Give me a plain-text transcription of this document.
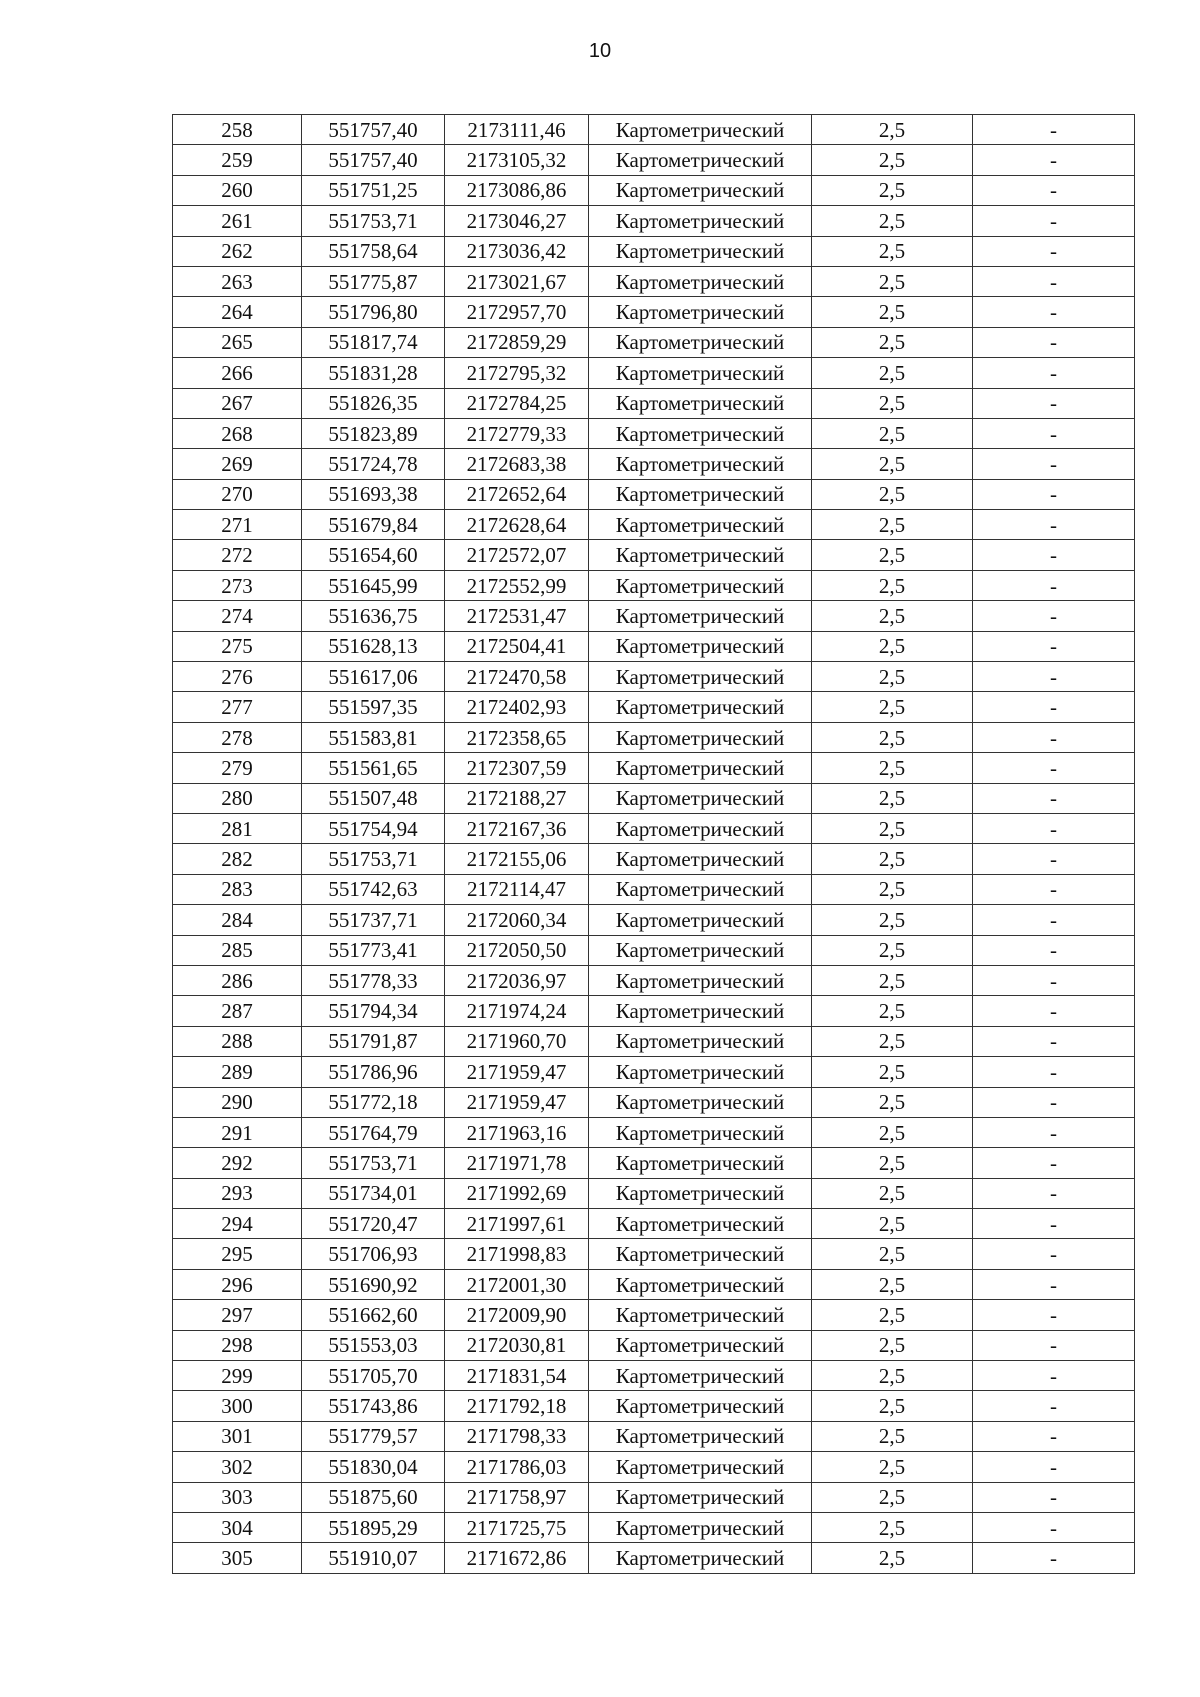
10
258	551757,40	2173111,46	Картометрический	2,5	-
259	551757,40	2173105,32	Картометрический	2,5	-
260	551751,25	2173086,86	Картометрический	2,5	-
261	551753,71	2173046,27	Картометрический	2,5	-
262	551758,64	2173036,42	Картометрический	2,5	-
263	551775,87	2173021,67	Картометрический	2,5	-
264	551796,80	2172957,70	Картометрический	2,5	-
265	551817,74	2172859,29	Картометрический	2,5	-
266	551831,28	2172795,32	Картометрический	2,5	-
267	551826,35	2172784,25	Картометрический	2,5	-
268	551823,89	2172779,33	Картометрический	2,5	-
269	551724,78	2172683,38	Картометрический	2,5	-
270	551693,38	2172652,64	Картометрический	2,5	-
271	551679,84	2172628,64	Картометрический	2,5	-
272	551654,60	2172572,07	Картометрический	2,5	-
273	551645,99	2172552,99	Картометрический	2,5	-
274	551636,75	2172531,47	Картометрический	2,5	-
275	551628,13	2172504,41	Картометрический	2,5	-
276	551617,06	2172470,58	Картометрический	2,5	-
277	551597,35	2172402,93	Картометрический	2,5	-
278	551583,81	2172358,65	Картометрический	2,5	-
279	551561,65	2172307,59	Картометрический	2,5	-
280	551507,48	2172188,27	Картометрический	2,5	-
281	551754,94	2172167,36	Картометрический	2,5	-
282	551753,71	2172155,06	Картометрический	2,5	-
283	551742,63	2172114,47	Картометрический	2,5	-
284	551737,71	2172060,34	Картометрический	2,5	-
285	551773,41	2172050,50	Картометрический	2,5	-
286	551778,33	2172036,97	Картометрический	2,5	-
287	551794,34	2171974,24	Картометрический	2,5	-
288	551791,87	2171960,70	Картометрический	2,5	-
289	551786,96	2171959,47	Картометрический	2,5	-
290	551772,18	2171959,47	Картометрический	2,5	-
291	551764,79	2171963,16	Картометрический	2,5	-
292	551753,71	2171971,78	Картометрический	2,5	-
293	551734,01	2171992,69	Картометрический	2,5	-
294	551720,47	2171997,61	Картометрический	2,5	-
295	551706,93	2171998,83	Картометрический	2,5	-
296	551690,92	2172001,30	Картометрический	2,5	-
297	551662,60	2172009,90	Картометрический	2,5	-
298	551553,03	2172030,81	Картометрический	2,5	-
299	551705,70	2171831,54	Картометрический	2,5	-
300	551743,86	2171792,18	Картометрический	2,5	-
301	551779,57	2171798,33	Картометрический	2,5	-
302	551830,04	2171786,03	Картометрический	2,5	-
303	551875,60	2171758,97	Картометрический	2,5	-
304	551895,29	2171725,75	Картометрический	2,5	-
305	551910,07	2171672,86	Картометрический	2,5	-
